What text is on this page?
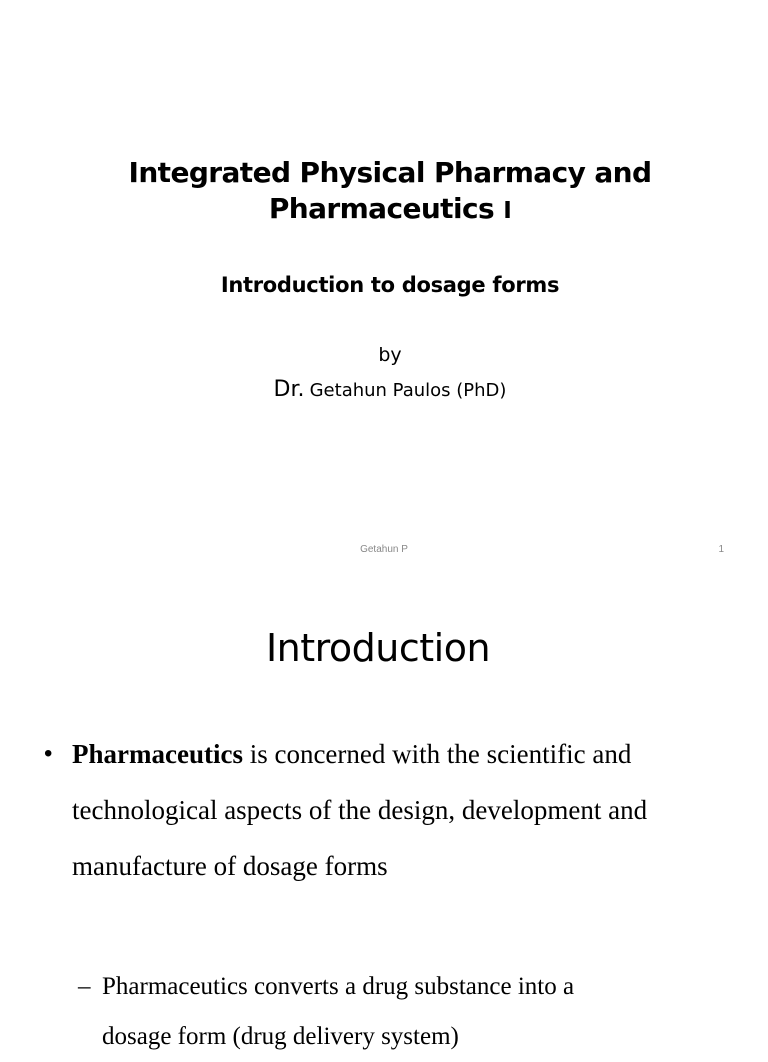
Integrated Physical Pharmacy and Pharmaceutics I
Introduction to dosage forms
by
Dr. Getahun Paulos (PhD)
Getahun P	1
Introduction
• Pharmaceutics is concerned with the scientific and technological aspects of the design, development and manufacture of dosage forms
– Pharmaceutics converts a drug substance into a
dosage form (drug delivery system)
